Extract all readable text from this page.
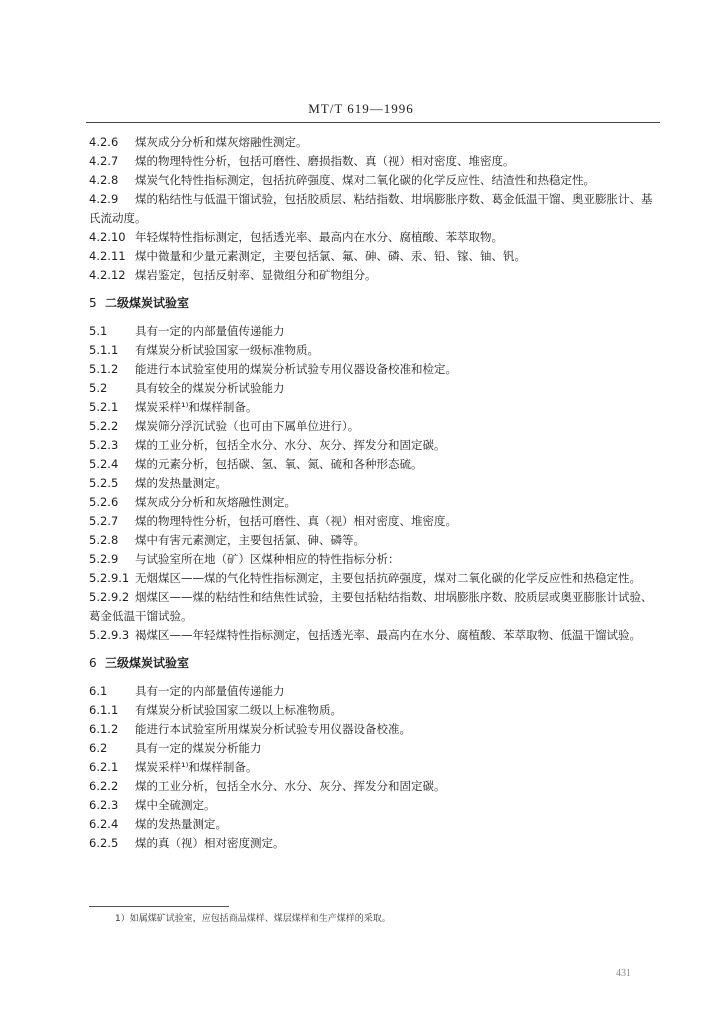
MT/T 619—1996
4.2.6 煤灰成分分析和煤灰熔融性测定。
4.2.7 煤的物理特性分析，包括可磨性、磨损指数、真（视）相对密度、堆密度。
4.2.8 煤炭气化特性指标测定，包括抗碎强度、煤对二氧化碳的化学反应性、结渣性和热稳定性。
4.2.9 煤的粘结性与低温干馏试验，包括胶质层、粘结指数、坩埚膨胀序数、葛金低温干馏、奥亚膨胀计、基氏流动度。
4.2.10 年轻煤特性指标测定，包括透光率、最高内在水分、腐植酸、苯萃取物。
4.2.11 煤中微量和少量元素测定，主要包括氯、氟、砷、磷、汞、铅、镓、铀、钒。
4.2.12 煤岩鉴定，包括反射率、显微组分和矿物组分。
5 二级煤炭试验室
5.1 具有一定的内部量值传递能力
5.1.1 有煤炭分析试验国家一级标准物质。
5.1.2 能进行本试验室使用的煤炭分析试验专用仪器设备校准和检定。
5.2 具有较全的煤炭分析试验能力
5.2.1 煤炭采样¹⁾和煤样制备。
5.2.2 煤炭筛分浮沉试验（也可由下属单位进行）。
5.2.3 煤的工业分析，包括全水分、水分、灰分、挥发分和固定碳。
5.2.4 煤的元素分析，包括碳、氢、氧、氮、硫和各种形态硫。
5.2.5 煤的发热量测定。
5.2.6 煤灰成分分析和灰熔融性测定。
5.2.7 煤的物理特性分析，包括可磨性、真（视）相对密度、堆密度。
5.2.8 煤中有害元素测定，主要包括氯、砷、磷等。
5.2.9 与试验室所在地（矿）区煤种相应的特性指标分析：
5.2.9.1 无烟煤区——煤的气化特性指标测定，主要包括抗碎强度，煤对二氧化碳的化学反应性和热稳定性。
5.2.9.2 烟煤区——煤的粘结性和结焦性试验，主要包括粘结指数、坩埚膨胀序数、胶质层或奥亚膨胀计试验、葛金低温干馏试验。
5.2.9.3 褐煤区——年轻煤特性指标测定，包括透光率、最高内在水分、腐植酸、苯萃取物、低温干馏试验。
6 三级煤炭试验室
6.1 具有一定的内部量值传递能力
6.1.1 有煤炭分析试验国家二级以上标准物质。
6.1.2 能进行本试验室所用煤炭分析试验专用仪器设备校准。
6.2 具有一定的煤炭分析能力
6.2.1 煤炭采样¹⁾和煤样制备。
6.2.2 煤的工业分析，包括全水分、水分、灰分、挥发分和固定碳。
6.2.3 煤中全硫测定。
6.2.4 煤的发热量测定。
6.2.5 煤的真（视）相对密度测定。
1）如属煤矿试验室，应包括商品煤样、煤层煤样和生产煤样的采取。
431
